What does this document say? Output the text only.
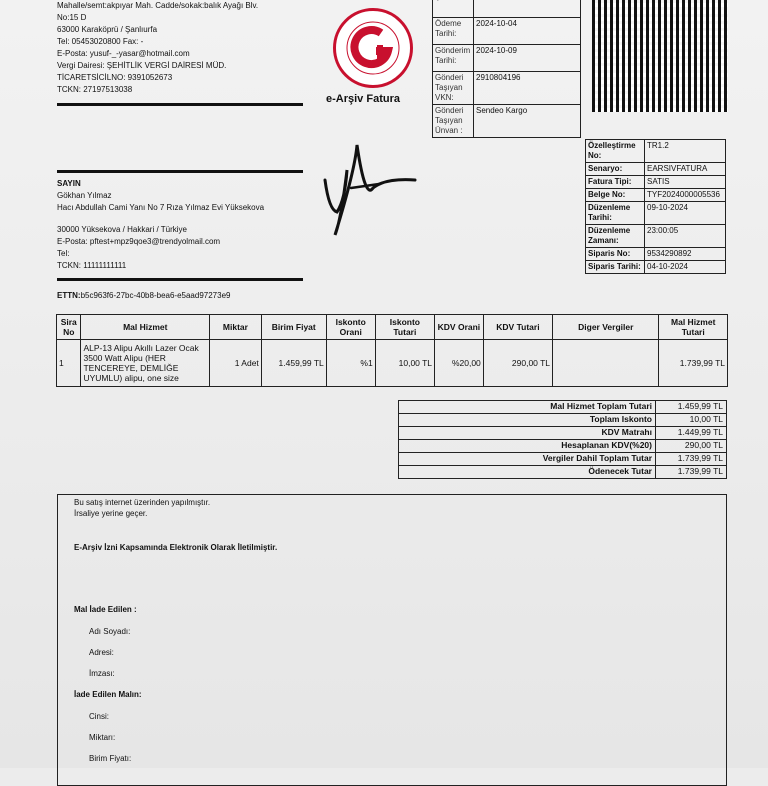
Mahalle/semt:akpıyar Mah. Cadde/sokak:balık Ayağı Blv.
No:15 D
63000 Karaköprü / Şanlıurfa
Tel: 05453020800 Fax: -
E-Posta: yusuf-_-yasar@hotmail.com
Vergi Dairesi: ŞEHİTLİK VERGİ DAİRESİ MÜD.
TİCARETSİCİLNO: 9391052673
TCKN: 27197513038
e-Arşiv Fatura

Ödeme Tarihi:	2024-10-04
Gönderim Tarihi:	2024-10-09
Gönderi Taşıyan VKN:	2910804196
Gönderi Taşıyan Ünvan :	Sendeo Kargo
SAYIN
Gökhan Yılmaz
Hacı Abdullah Cami Yanı No 7 Rıza Yılmaz Evi Yüksekova
30000 Yüksekova / Hakkari / Türkiye
E-Posta: pftest+mpz9qoe3@trendyolmail.com
Tel:
TCKN: 11111111111
ETTN:b5c963f6-27bc-40b8-bea6-e5aad97273e9
Özelleştirme No:	TR1.2
Senaryo:	EARSIVFATURA
Fatura Tipi:	SATIS
Belge No:	TYF2024000005536
Düzenleme Tarihi:	09-10-2024
Düzenleme Zamanı:	23:00:05
Siparis No:	9534290892
Siparis Tarihi:	04-10-2024
Sira No	Mal Hizmet	Miktar	Birim Fiyat	Iskonto Orani	Iskonto Tutari	KDV Orani	KDV Tutari	Diger Vergiler	Mal Hizmet Tutari
1	ALP-13 Alipu Akıllı Lazer Ocak 3500 Watt Alipu (HER TENCEREYE, DEMLİĞE UYUMLU) alipu, one size	1 Adet	1.459,99 TL	%1	10,00 TL	%20,00	290,00 TL		1.739,99 TL
Mal Hizmet Toplam Tutari	1.459,99 TL
Toplam Iskonto	10,00 TL
KDV Matrahı	1.449,99 TL
Hesaplanan KDV(%20)	290,00 TL
Vergiler Dahil Toplam Tutar	1.739,99 TL
Ödenecek Tutar	1.739,99 TL
Bu satış internet üzerinden yapılmıştır.
İrsaliye yerine geçer.
E-Arşiv İzni Kapsamında Elektronik Olarak İletilmiştir.
Mal İade Edilen :
Adı Soyadı:
Adresi:
İmzası:
İade Edilen Malın:
Cinsi:
Miktarı:
Birim Fiyatı:
